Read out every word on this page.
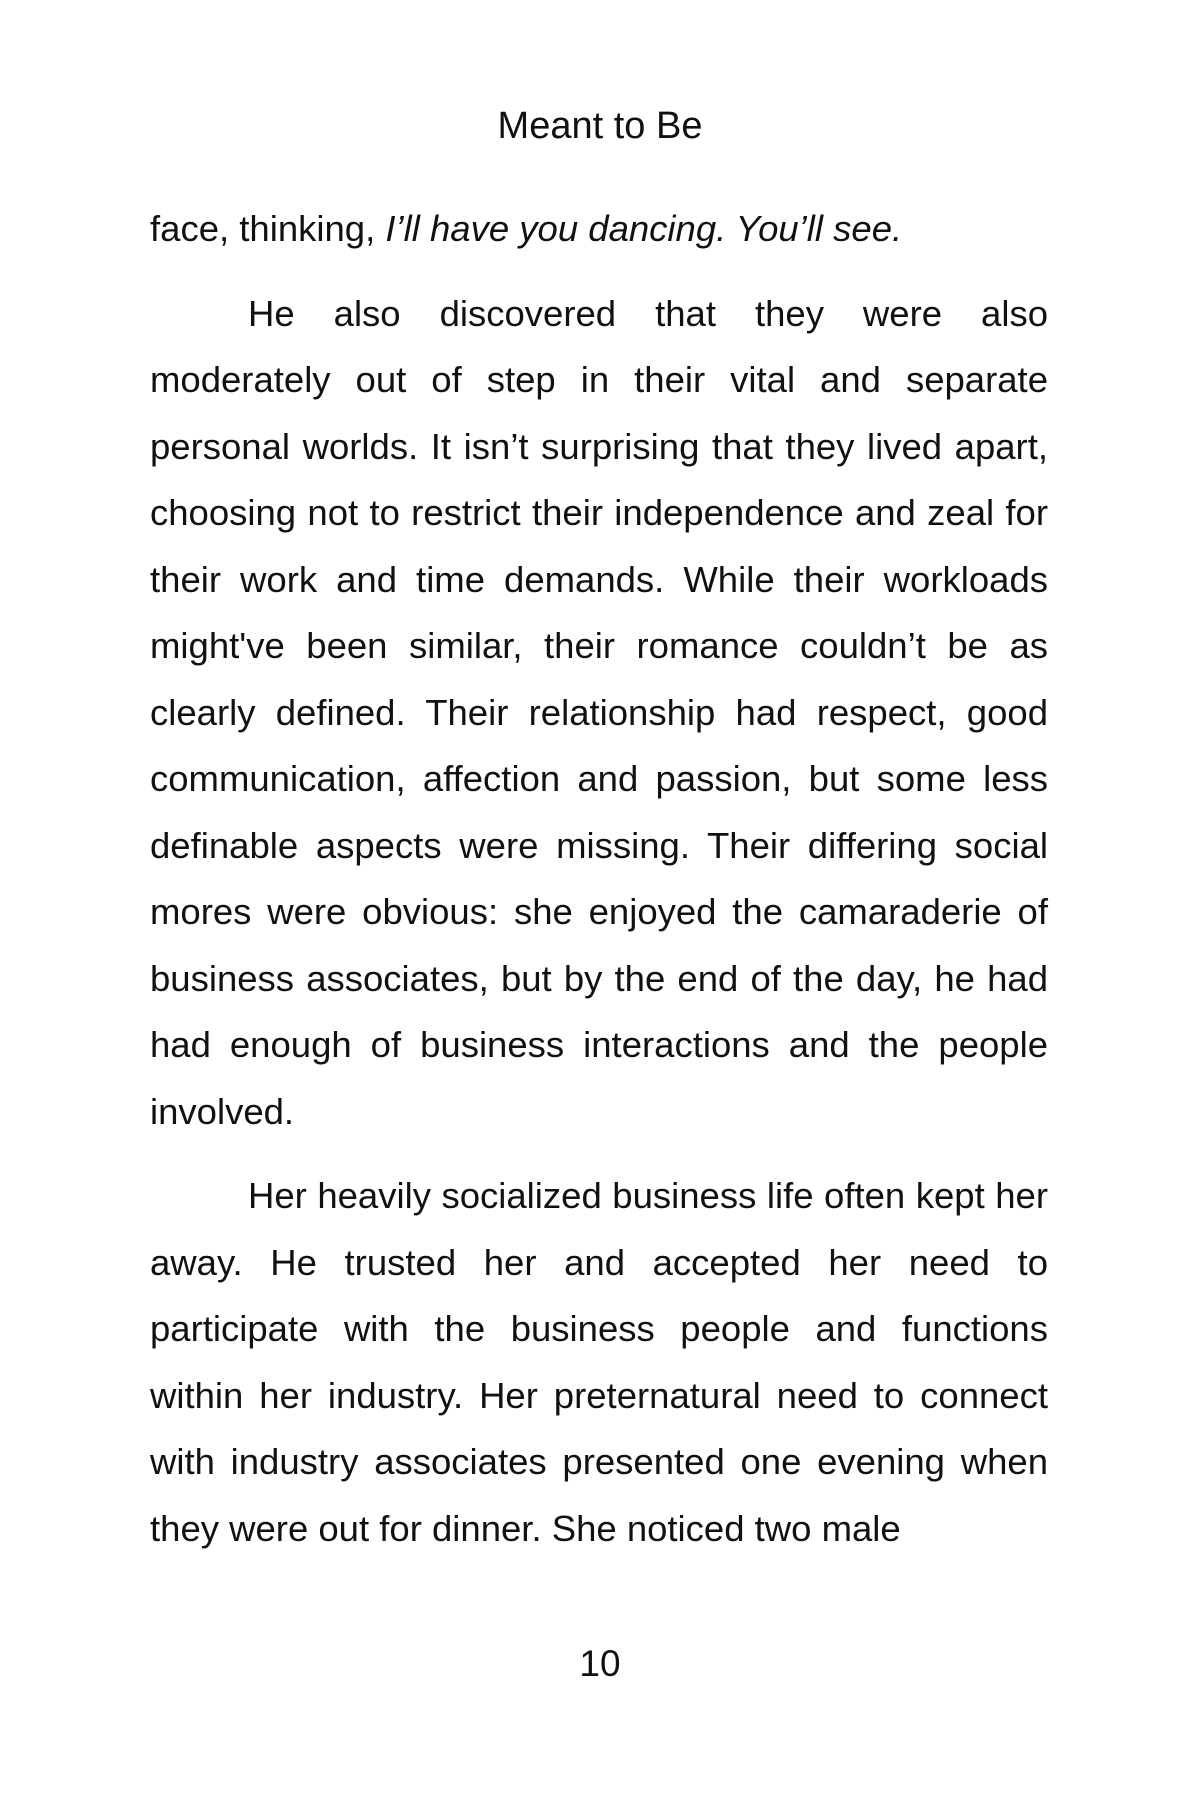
Meant to Be

face, thinking, I’ll have you dancing. You’ll see.

He also discovered that they were also moderately out of step in their vital and separate personal worlds. It isn’t surprising that they lived apart, choosing not to restrict their independence and zeal for their work and time demands. While their workloads might've been similar, their romance couldn’t be as clearly defined. Their relationship had respect, good communication, affection and passion, but some less definable aspects were missing. Their differing social mores were obvious: she enjoyed the camaraderie of business associates, but by the end of the day, he had had enough of business interactions and the people involved.

Her heavily socialized business life often kept her away. He trusted her and accepted her need to participate with the business people and functions within her industry. Her preternatural need to connect with industry associates presented one evening when they were out for dinner. She noticed two male

10
